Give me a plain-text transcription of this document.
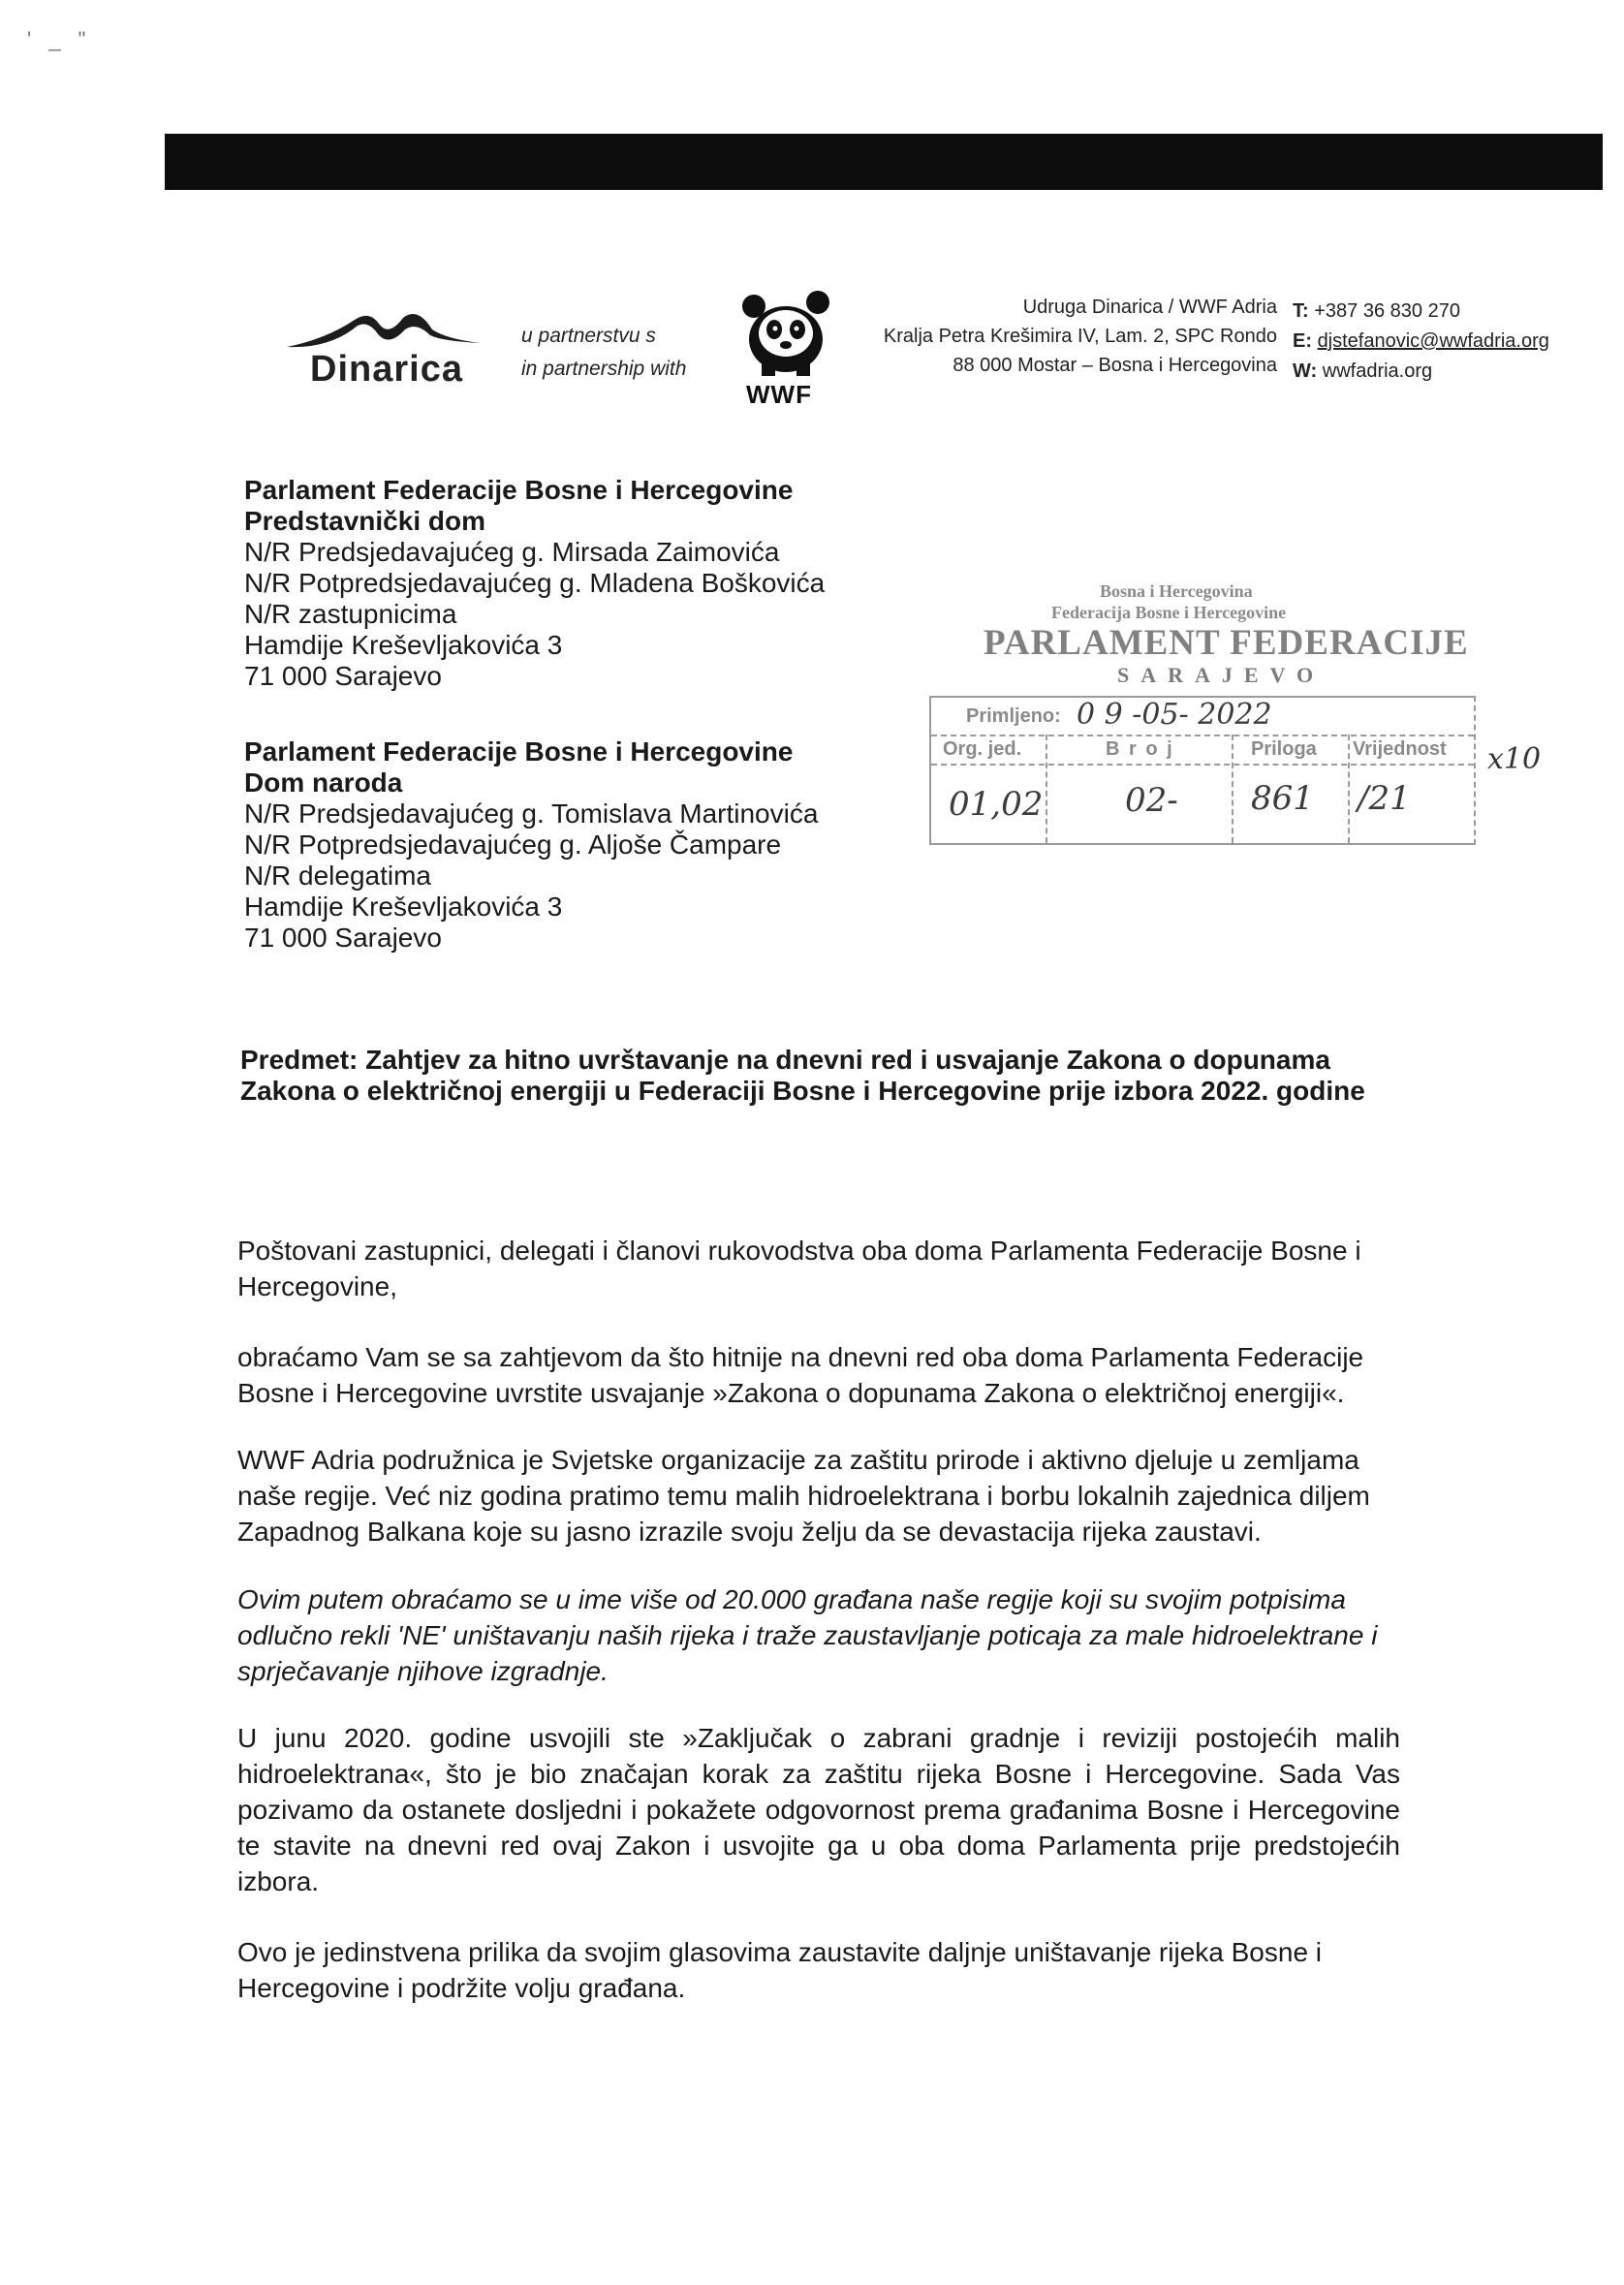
' _ "
Dinarica
u partnerstvu s
in partnership with
WWF
Udruga Dinarica / WWF Adria
Kralja Petra Krešimira IV, Lam. 2, SPC Rondo
88 000 Mostar – Bosna i Hercegovina
T: +387 36 830 270
E: djstefanovic@wwfadria.org
W: wwfadria.org
Parlament Federacije Bosne i Hercegovine
Predstavnički dom
N/R Predsjedavajućeg g. Mirsada Zaimovića
N/R Potpredsjedavajućeg g. Mladena Boškovića
N/R zastupnicima
Hamdije Kreševljakovića 3
71 000 Sarajevo
Parlament Federacije Bosne i Hercegovine
Dom naroda
N/R Predsjedavajućeg g. Tomislava Martinovića
N/R Potpredsjedavajućeg g. Aljoše Čampare
N/R delegatima
Hamdije Kreševljakovića 3
71 000 Sarajevo
Bosna i Hercegovina
Federacija Bosne i Hercegovine
PARLAMENT FEDERACIJE
SARAJEVO
Primljeno: 0 9 -05- 2022
Org. jed.	B r o j	Priloga Vrijednost
01,02 02- 861 /21
x10
Predmet: Zahtjev za hitno uvrštavanje na dnevni red i usvajanje Zakona o dopunama Zakona o električnoj energiji u Federaciji Bosne i Hercegovine prije izbora 2022. godine
Poštovani zastupnici, delegati i članovi rukovodstva oba doma Parlamenta Federacije Bosne i Hercegovine,
obraćamo Vam se sa zahtjevom da što hitnije na dnevni red oba doma Parlamenta Federacije Bosne i Hercegovine uvrstite usvajanje »Zakona o dopunama Zakona o električnoj energiji«.
WWF Adria podružnica je Svjetske organizacije za zaštitu prirode i aktivno djeluje u zemljama naše regije. Već niz godina pratimo temu malih hidroelektrana i borbu lokalnih zajednica diljem Zapadnog Balkana koje su jasno izrazile svoju želju da se devastacija rijeka zaustavi.
Ovim putem obraćamo se u ime više od 20.000 građana naše regije koji su svojim potpisima odlučno rekli 'NE' uništavanju naših rijeka i traže zaustavljanje poticaja za male hidroelektrane i sprječavanje njihove izgradnje.
U junu 2020. godine usvojili ste »Zaključak o zabrani gradnje i reviziji postojećih malih hidroelektrana«, što je bio značajan korak za zaštitu rijeka Bosne i Hercegovine. Sada Vas pozivamo da ostanete dosljedni i pokažete odgovornost prema građanima Bosne i Hercegovine te stavite na dnevni red ovaj Zakon i usvojite ga u oba doma Parlamenta prije predstojećih izbora.
Ovo je jedinstvena prilika da svojim glasovima zaustavite daljnje uništavanje rijeka Bosne i Hercegovine i podržite volju građana.
